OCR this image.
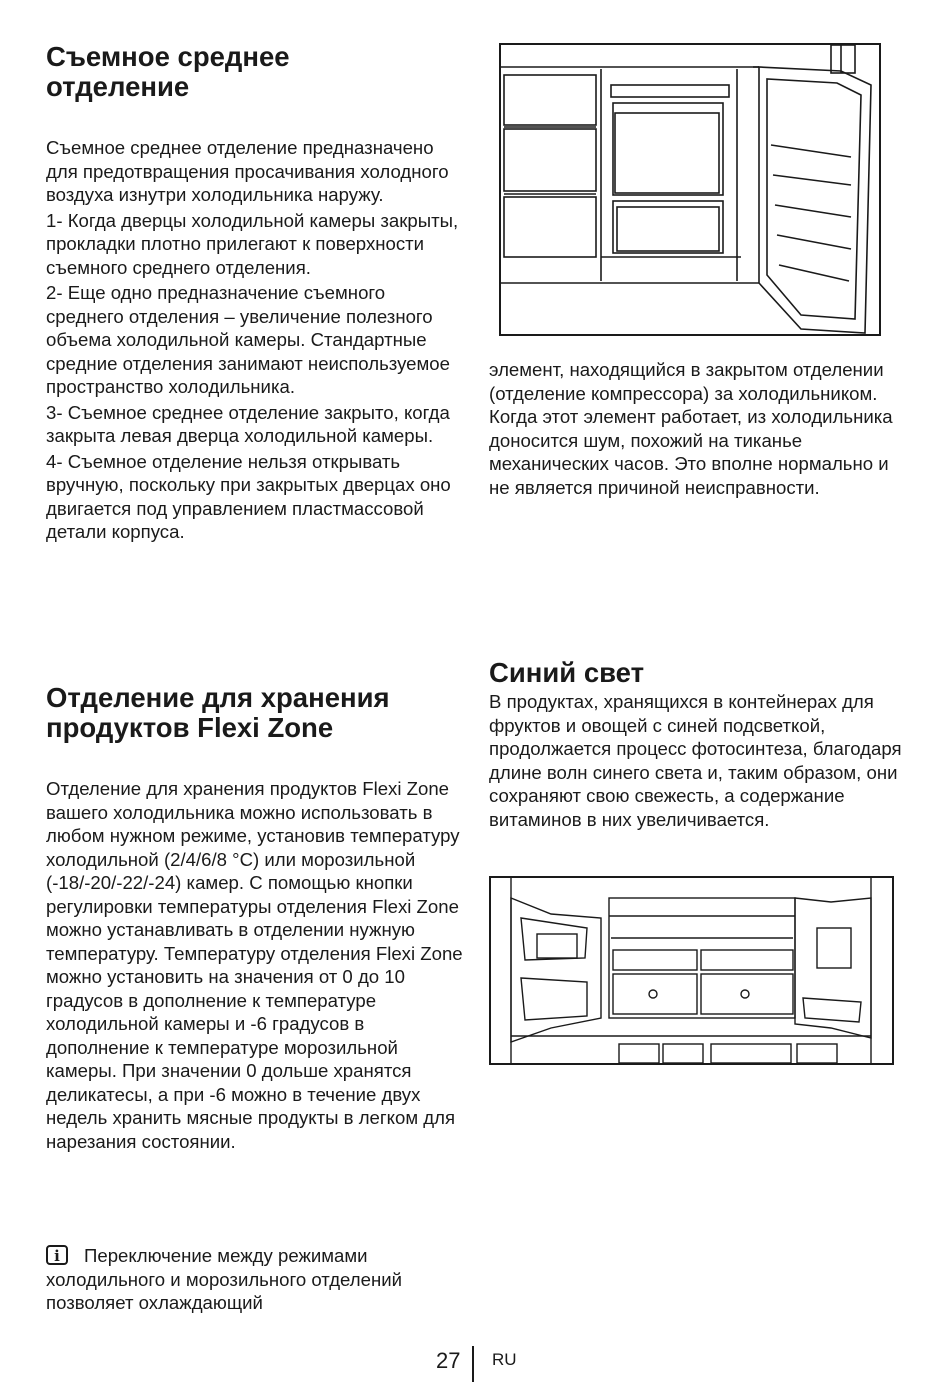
Съемное среднее
отделение

Съемное среднее отделение предназначено для предотвращения просачивания холодного воздуха изнутри холодильника наружу.

1- Когда дверцы холодильной камеры закрыты, прокладки плотно прилегают к поверхности съемного среднего отделения.

2- Еще одно предназначение съемного среднего отделения – увеличение полезного объема холодильной камеры. Стандартные средние отделения занимают неиспользуемое пространство холодильника.

3- Съемное среднее отделение закрыто, когда закрыта левая дверца холодильной камеры.

4- Съемное отделение нельзя открывать вручную, поскольку при закрытых дверцах оно двигается под управлением пластмассовой детали корпуса.

Отделение для хранения
продуктов Flexi Zone

Отделение для хранения продуктов Flexi Zone вашего холодильника можно использовать в любом нужном режиме, установив температуру холодильной (2/4/6/8 °C) или морозильной (-18/-20/-22/-24) камер. С помощью кнопки регулировки температуры отделения Flexi Zone можно устанавливать в отделении нужную температуру. Температуру отделения Flexi Zone можно установить на значения от 0 до 10 градусов в дополнение к температуре холодильной камеры и -6 градусов в дополнение к температуре морозильной камеры. При значении 0 дольше хранятся деликатесы, а при -6 можно в течение двух недель хранить мясные продукты в легком для нарезания состоянии.

iПереключение между режимами холодильного и морозильного отделений позволяет охлаждающий

элемент, находящийся в закрытом отделении (отделение компрессора) за холодильником. Когда этот элемент работает, из холодильника доносится шум, похожий на тиканье механических часов. Это вполне нормально и не является причиной неисправности.

Синий свет

В продуктах, хранящихся в контейнерах для фруктов и овощей с синей подсветкой, продолжается процесс фотосинтеза, благодаря длине волн синего света и, таким образом, они сохраняют свою свежесть, а содержание витаминов в них увеличивается.

27 RU
